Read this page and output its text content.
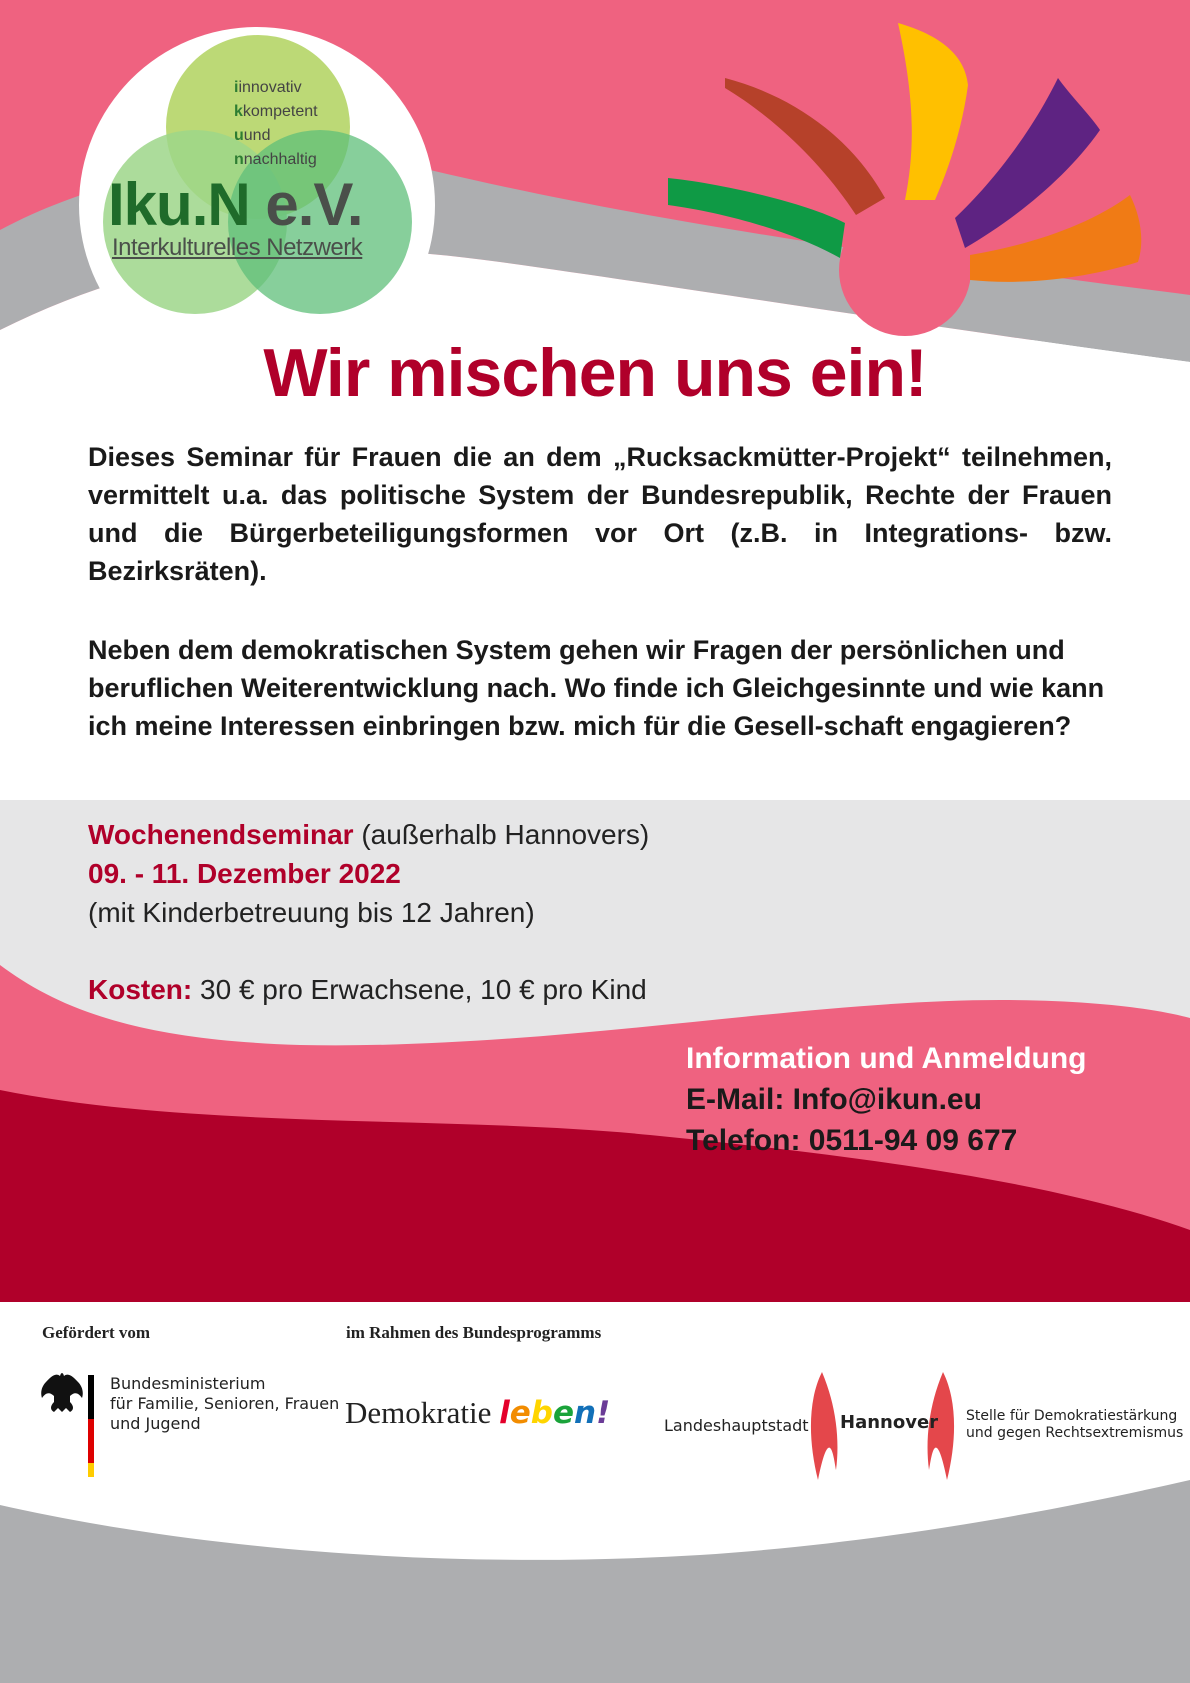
iinnovativ
kkompetent
uund
nnachhaltig
Iku.N e.V.
Interkulturelles Netzwerk
Wir mischen uns ein!

Dieses Seminar für Frauen die an dem „Rucksackmütter-Projekt“ teilnehmen, vermittelt u.a. das politische System der Bundesrepublik, Rechte der Frauen und die Bürgerbeteiligungsformen vor Ort (z.B. in Integrations- bzw. Bezirksräten).

Neben dem demokratischen System gehen wir Fragen der persönlichen und beruflichen Weiterentwicklung nach. Wo finde ich Gleichgesinnte und wie kann ich meine Interessen einbringen bzw. mich für die Gesell-schaft engagieren?

Wochenendseminar (außerhalb Hannovers)
09. - 11. Dezember 2022
(mit Kinderbetreuung bis 12 Jahren)
Kosten: 30 € pro Erwachsene, 10 € pro Kind
Information und Anmeldung
E-Mail: Info@ikun.eu
Telefon: 0511-94 09 677
Gefördert vom	im Rahmen des Bundesprogramms
Bundesministerium
für Familie, Senioren, Frauen
und Jugend	Demokratie leben!	Landeshauptstadt Hannover Stelle für Demokratiestärkung
und gegen Rechtsextremismus
